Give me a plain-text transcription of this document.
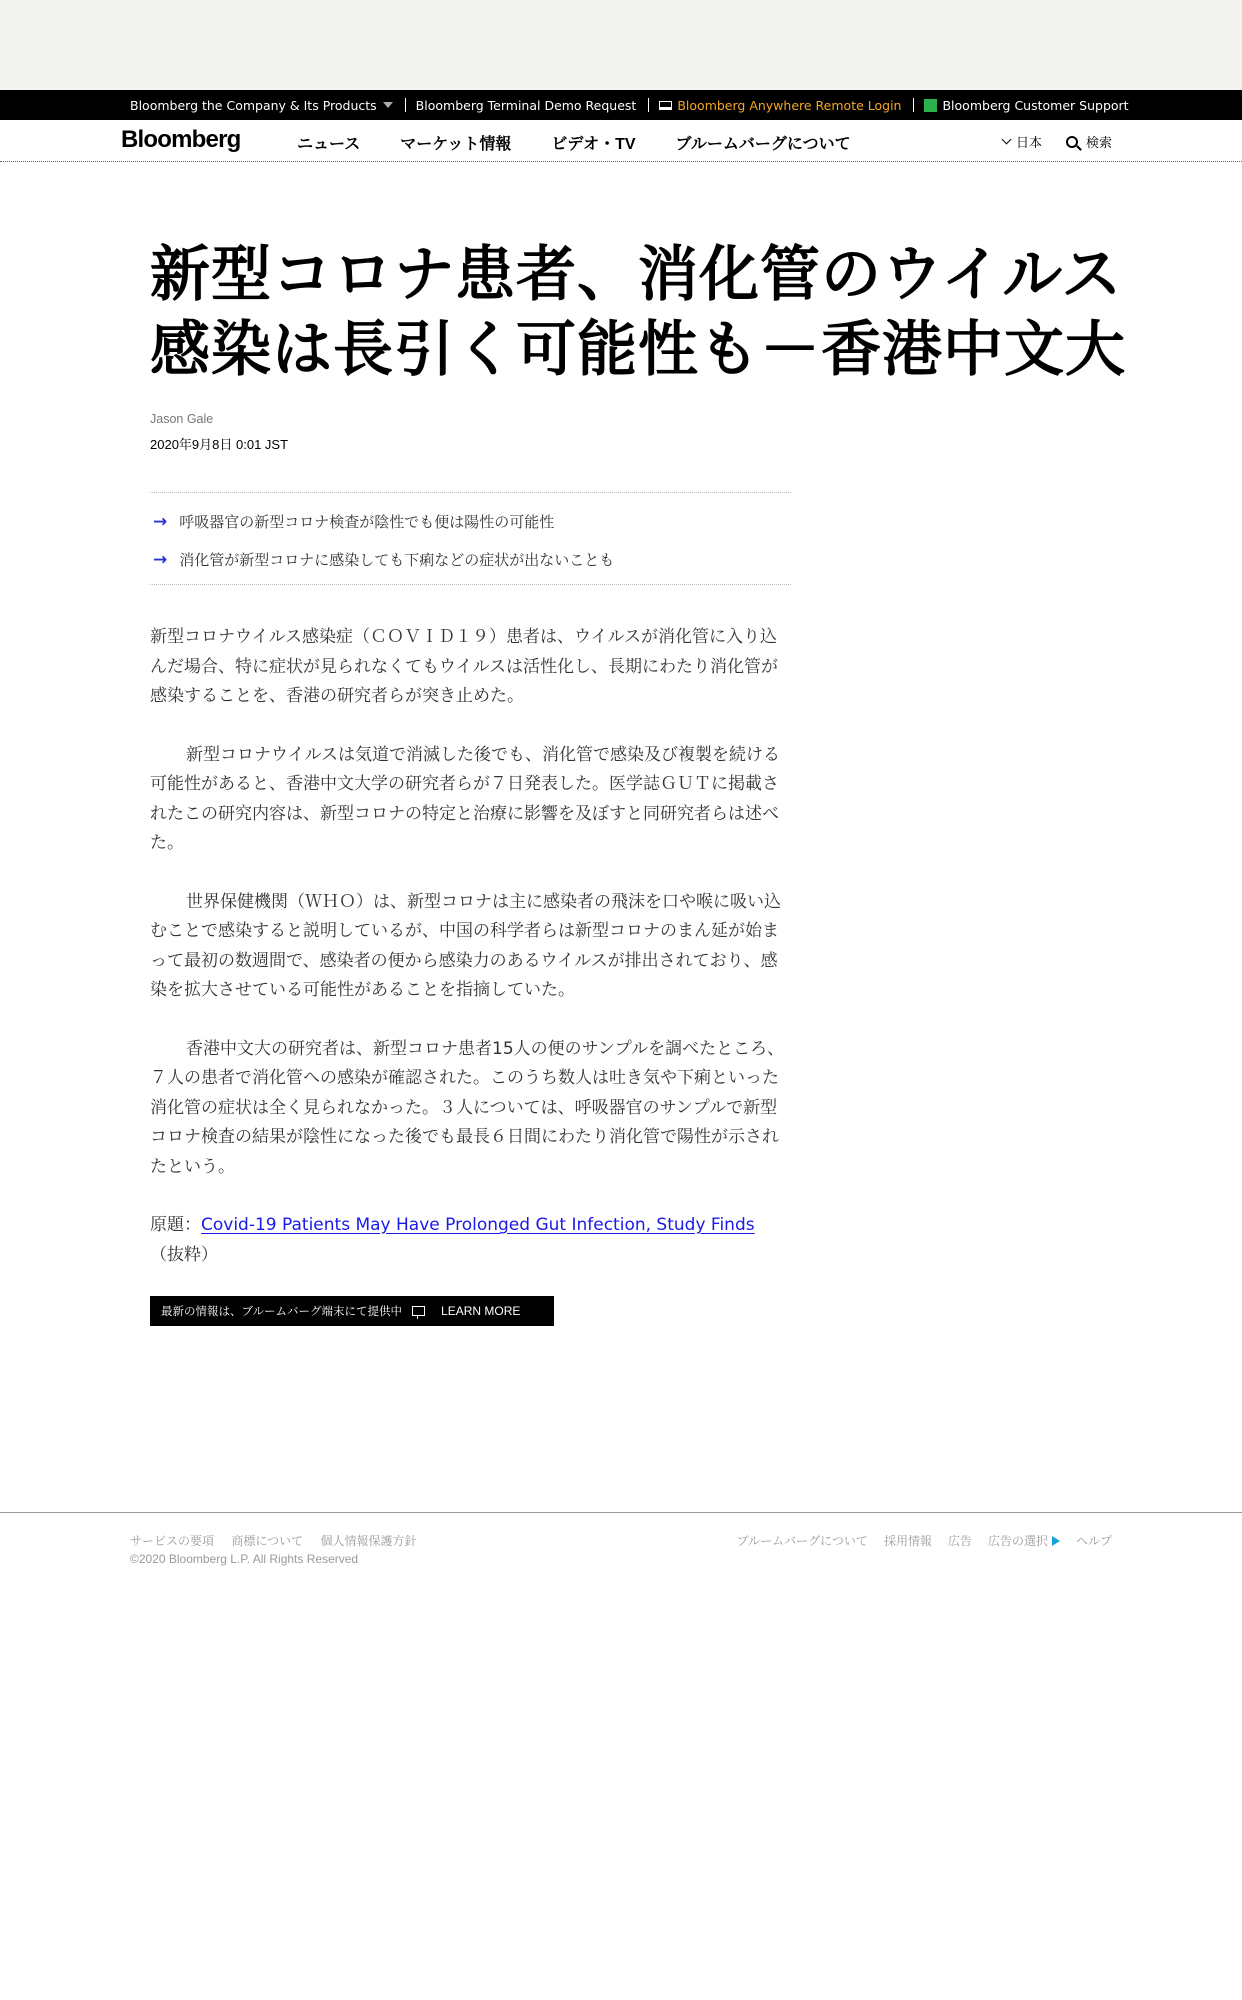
Bloomberg the Company & Its Products	Bloomberg Terminal Demo Request	Bloomberg Anywhere Remote Login	Bloomberg Customer Support
Bloomberg	ニュース	マーケット情報	ビデオ・TV	ブルームバーグについて	日本	検索
新型コロナ患者、消化管のウイルス
感染は長引く可能性も－香港中文大
Jason Gale
2020年9月8日 0:01 JST
→ 呼吸器官の新型コロナ検査が陰性でも便は陽性の可能性
→ 消化管が新型コロナに感染しても下痢などの症状が出ないことも

新型コロナウイルス感染症（ＣＯＶＩＤ１９）患者は、ウイルスが消化管に入り込んだ場合、特に症状が見られなくてもウイルスは活性化し、長期にわたり消化管が感染することを、香港の研究者らが突き止めた。

新型コロナウイルスは気道で消滅した後でも、消化管で感染及び複製を続ける可能性があると、香港中文大学の研究者らが７日発表した。医学誌ＧＵＴに掲載されたこの研究内容は、新型コロナの特定と治療に影響を及ぼすと同研究者らは述べた。

世界保健機関（ＷＨＯ）は、新型コロナは主に感染者の飛沫を口や喉に吸い込むことで感染すると説明しているが、中国の科学者らは新型コロナのまん延が始まって最初の数週間で、感染者の便から感染力のあるウイルスが排出されており、感染を拡大させている可能性があることを指摘していた。

香港中文大の研究者は、新型コロナ患者15人の便のサンプルを調べたところ、７人の患者で消化管への感染が確認された。このうち数人は吐き気や下痢といった消化管の症状は全く見られなかった。３人については、呼吸器官のサンプルで新型コロナ検査の結果が陰性になった後でも最長６日間にわたり消化管で陽性が示されたという。

原題：Covid-19 Patients May Have Prolonged Gut Infection, Study Finds（抜粋）

最新の情報は、ブルームバーグ端末にて提供中	LEARN MORE
サービスの要項 商標について 個人情報保護方針
©2020 Bloomberg L.P. All Rights Reserved
ブルームバーグについて 採用情報 広告 広告の選択 ヘルプ
